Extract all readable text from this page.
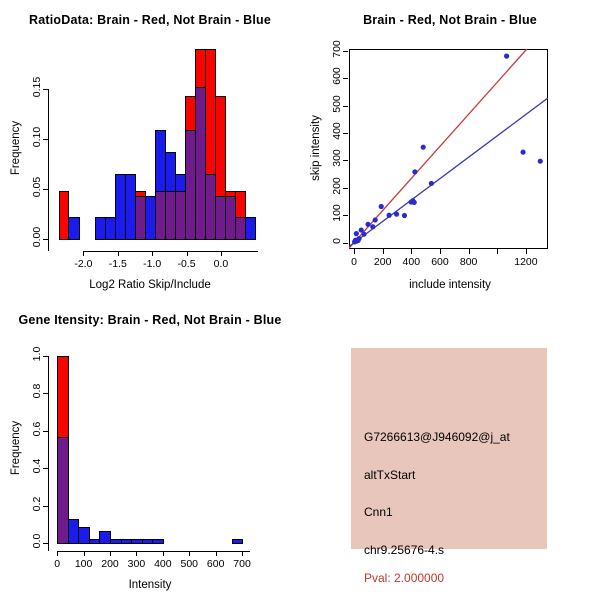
RatioData: Brain - Red, Not Brain - Blue
Frequency
Log2 Ratio Skip/Include
-2.0	-1.5	-1.0	-0.5	0.0
0.00
0.05
0.10
0.15
Brain - Red, Not Brain - Blue
skip intensity
include intensity
0	200	400	600	800	1200
0
100
200
300
400
500
600
700
Gene Itensity: Brain - Red, Not Brain - Blue
Frequency
Intensity
0	100 200 300 400 500 600 700
0.0
0.2
0.4
0.6
0.8
1.0
G7266613@J946092@j_at
altTxStart
Cnn1
chr9.25676-4.s
Pval: 2.000000
